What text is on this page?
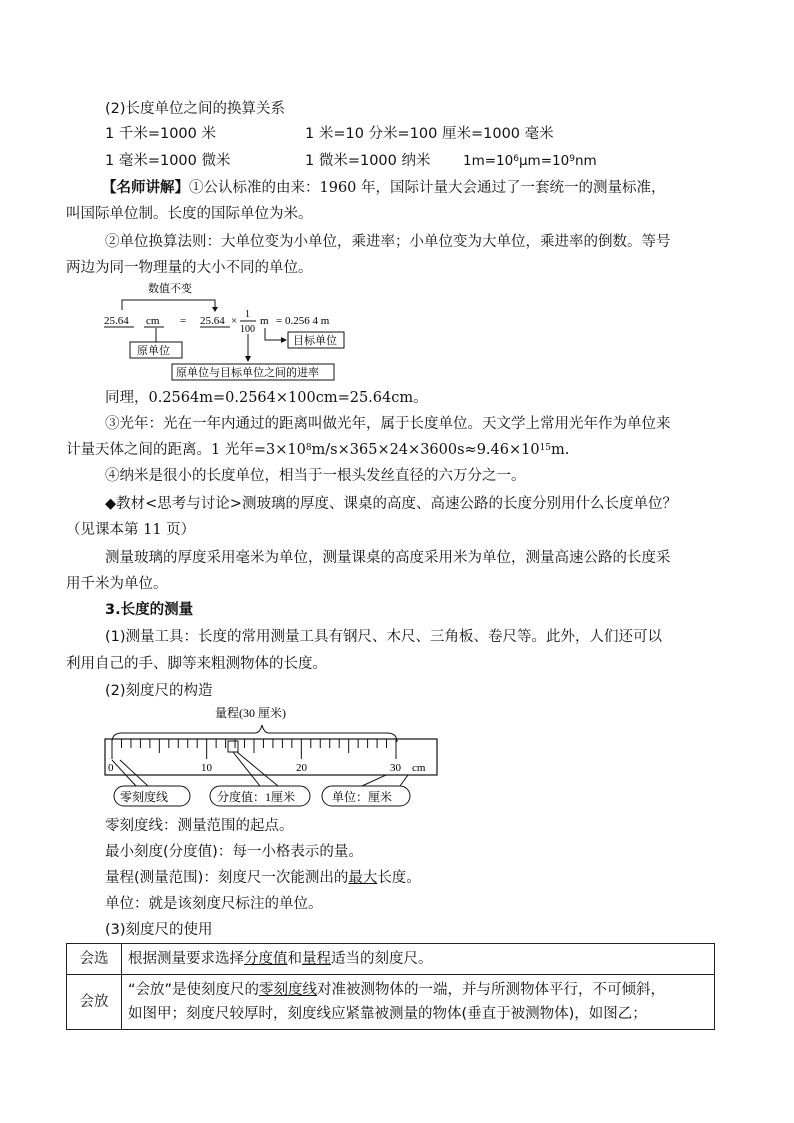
(2)长度单位之间的换算关系
1 千米=1000 米	1 米=10 分米=100 厘米=1000 毫米
1 毫米=1000 微米	1 微米=1000 纳米 $1m=10^6\mu m=10^9nm$
【名师讲解】①公认标准的由来：1960 年，国际计量大会通过了一套统一的测量标准，
叫国际单位制。长度的国际单位为米。
②单位换算法则：大单位变为小单位，乘进率；小单位变为大单位，乘进率的倒数。等号
两边为同一物理量的大小不同的单位。
数值不变
25.64 cm = 25.64 ×
1
100
m = 0.256 4 m
目标单位
原单位
原单位与目标单位之间的进率
同理，0.2564m=0.2564×100cm=25.64cm。
③光年：光在一年内通过的距离叫做光年，属于长度单位。天文学上常用光年作为单位来
计量天体之间的距离。1 光年$=3\times 10^8m/s\times 365\times 24\times 3600s\approx 9.46\times 10^{15}m$.
④纳米是很小的长度单位，相当于一根头发丝直径的六万分之一。
◆教材<思考与讨论>测玻璃的厚度、课桌的高度、高速公路的长度分别用什么长度单位？
（见课本第 11 页）
测量玻璃的厚度采用毫米为单位，测量课桌的高度采用米为单位，测量高速公路的长度采
用千米为单位。
3.长度的测量
(1)测量工具：长度的常用测量工具有钢尺、木尺、三角板、卷尺等。此外，人们还可以
利用自己的手、脚等来粗测物体的长度。
(2)刻度尺的构造
量程(30 厘米)
0	10	20	30 cm
零刻度线	分度值：1厘米	单位：厘米
零刻度线：测量范围的起点。
最小刻度(分度值)：每一小格表示的量。
量程(测量范围)：刻度尺一次能测出的最大长度。
单位：就是该刻度尺标注的单位。
(3)刻度尺的使用
会选	根据测量要求选择分度值和量程适当的刻度尺。
会放	“会放”是使刻度尺的零刻度线对准被测物体的一端，并与所测物体平行，不可倾斜，
如图甲；刻度尺较厚时，刻度线应紧靠被测量的物体(垂直于被测物体)，如图乙；
